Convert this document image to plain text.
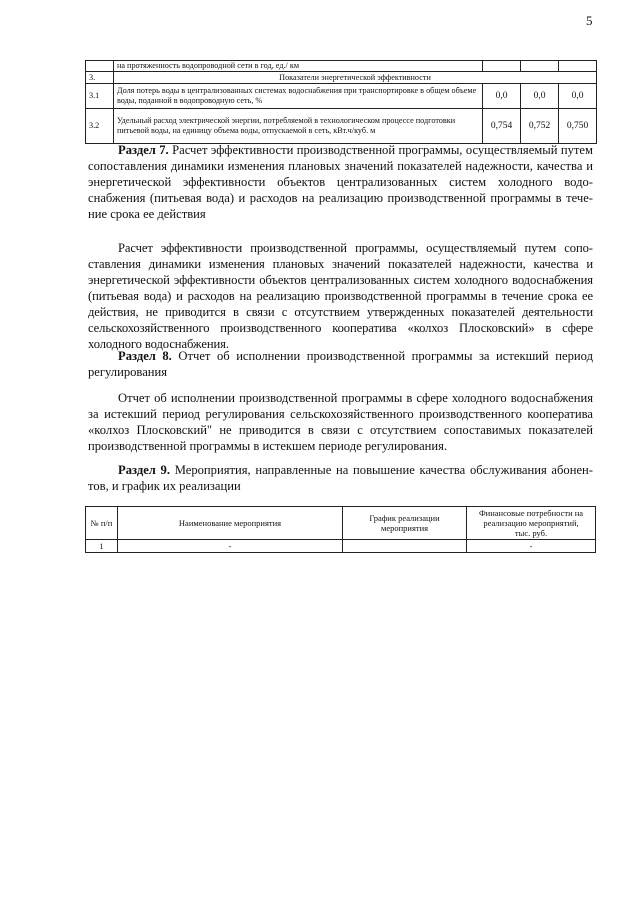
5
	на протяженность водопроводной сети в год, ед./ км			
3.	Показатели энергетической эффективности			
3.1	Доля потерь воды в централизованных системах водоснабжения при транспортировке в общем объеме воды, поданной в водопроводную сеть, %	0,0	0,0	0,0
3.2	Удельный расход электрической энергии, потребляемой в технологическом процессе подготовки питьевой воды, на единицу объема воды, отпускаемой в сеть, кВт.ч/куб. м	0,754	0,752	0,750

Раздел 7. Расчет эффективности производственной программы, осуществляемый путем сопоставления динамики изменения плановых значений показателей надежности, качества и энергетической эффективности объектов централизованных систем холодного водоснабжения (питьевая вода) и расходов на реализацию производственной программы в течение срока ее действия

Расчет эффективности производственной программы, осуществляемый путем сопоставления динамики изменения плановых значений показателей надежности, качества и энергетической эффективности объектов централизованных систем холодного водоснабжения (питьевая вода) и расходов на реализацию производственной программы в течение срока ее действия, не приводится в связи с отсутствием утвержденных показателей деятельности сельскохозяйственного производственного кооператива «колхоз Плосковский» в сфере холодного водоснабжения.

Раздел 8. Отчет об исполнении производственной программы за истекший период регулирования

Отчет об исполнении производственной программы в сфере холодного водоснабжения за истекший период регулирования сельскохозяйственного производственного кооператива «колхоз Плосковский" не приводится в связи с отсутствием сопоставимых показателей производственной программы в истекшем периоде регулирования.

Раздел 9. Мероприятия, направленные на повышение качества обслуживания абонентов, и график их реализации

№ п/п	Наименование мероприятия	График реализации мероприятия	Финансовые потребности на реализацию мероприятий, тыс. руб.
1	-		-
